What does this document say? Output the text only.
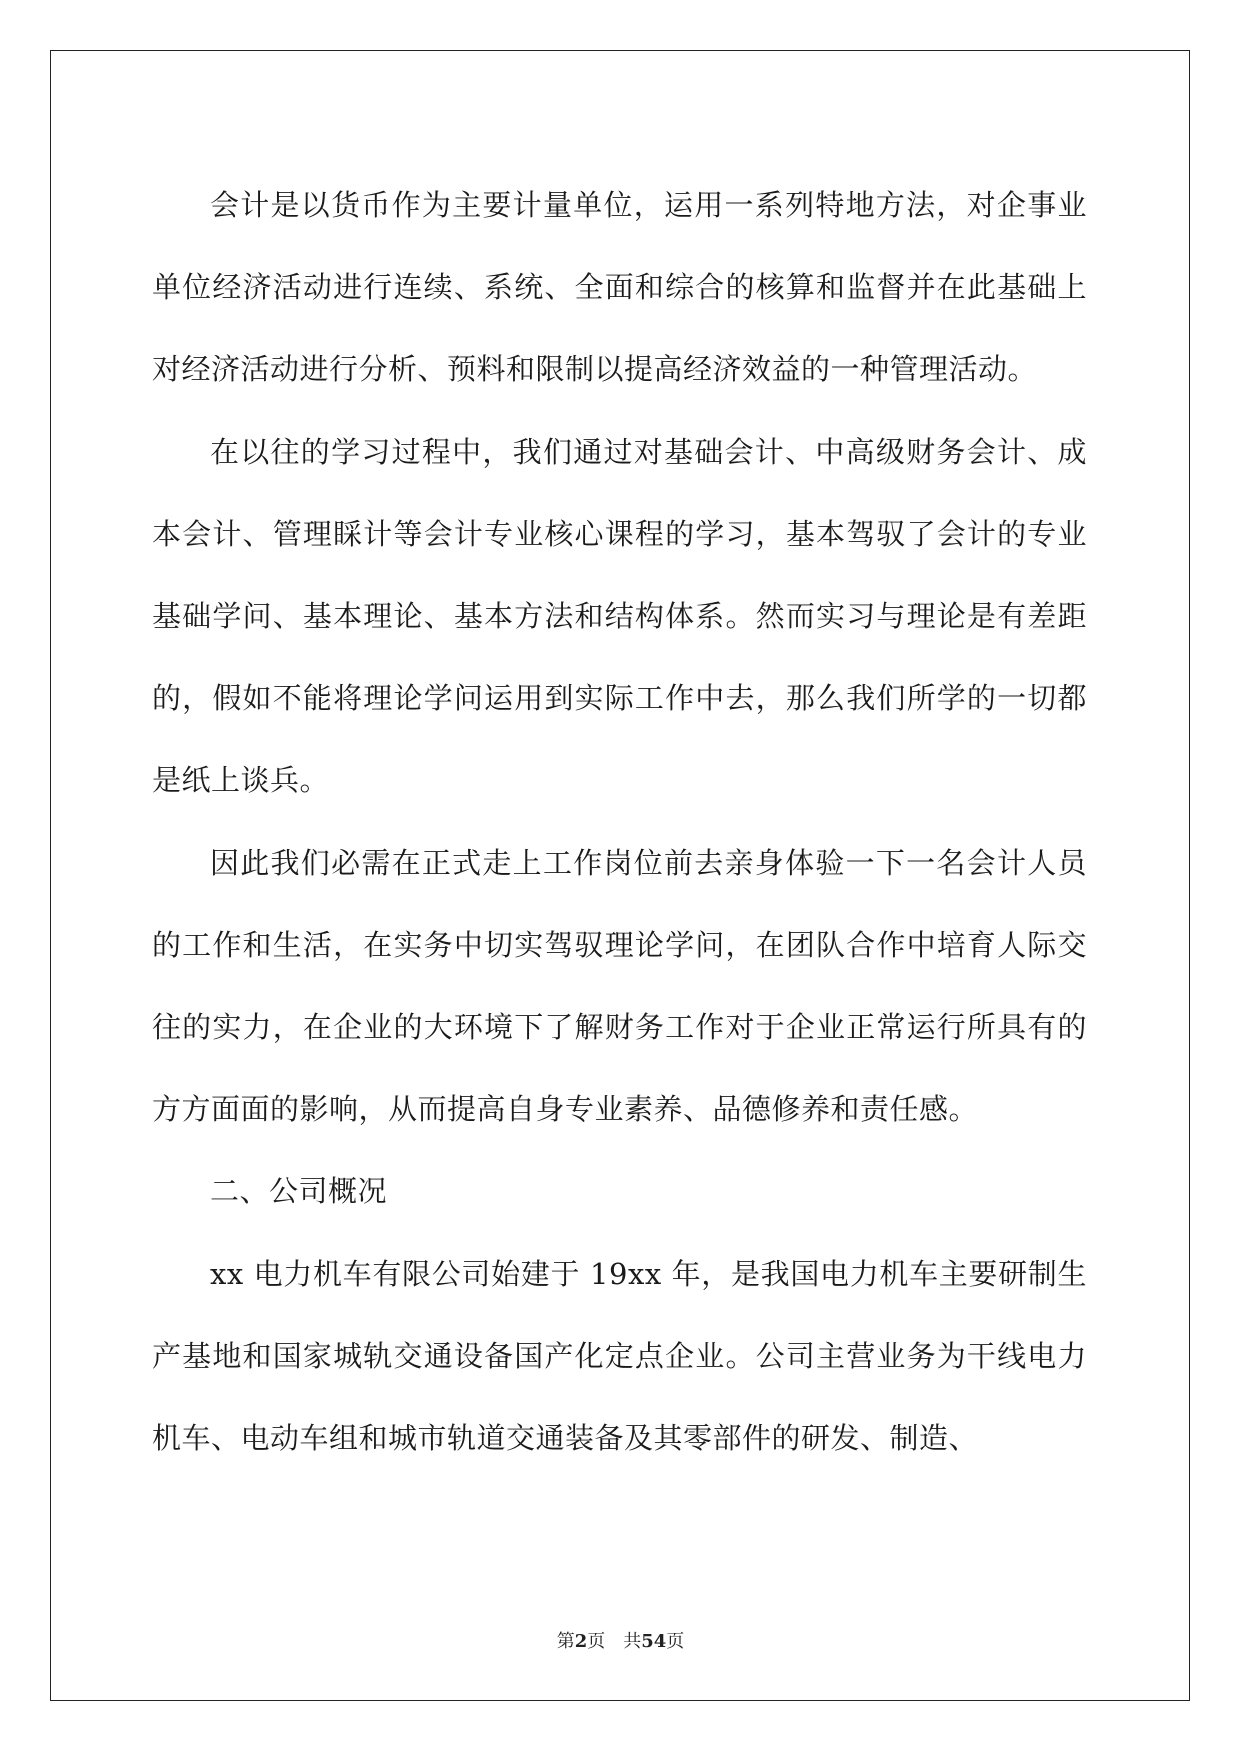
会计是以货币作为主要计量单位，运用一系列特地方法，对企事业单位经济活动进行连续、系统、全面和综合的核算和监督并在此基础上对经济活动进行分析、预料和限制以提高经济效益的一种管理活动。

在以往的学习过程中，我们通过对基础会计、中高级财务会计、成本会计、管理睬计等会计专业核心课程的学习，基本驾驭了会计的专业基础学问、基本理论、基本方法和结构体系。然而实习与理论是有差距的，假如不能将理论学问运用到实际工作中去，那么我们所学的一切都是纸上谈兵。

因此我们必需在正式走上工作岗位前去亲身体验一下一名会计人员的工作和生活，在实务中切实驾驭理论学问，在团队合作中培育人际交往的实力，在企业的大环境下了解财务工作对于企业正常运行所具有的方方面面的影响，从而提高自身专业素养、品德修养和责任感。

二、公司概况

xx 电力机车有限公司始建于 19xx 年，是我国电力机车主要研制生产基地和国家城轨交通设备国产化定点企业。公司主营业务为干线电力机车、电动车组和城市轨道交通装备及其零部件的研发、制造、

第2页 共54页
